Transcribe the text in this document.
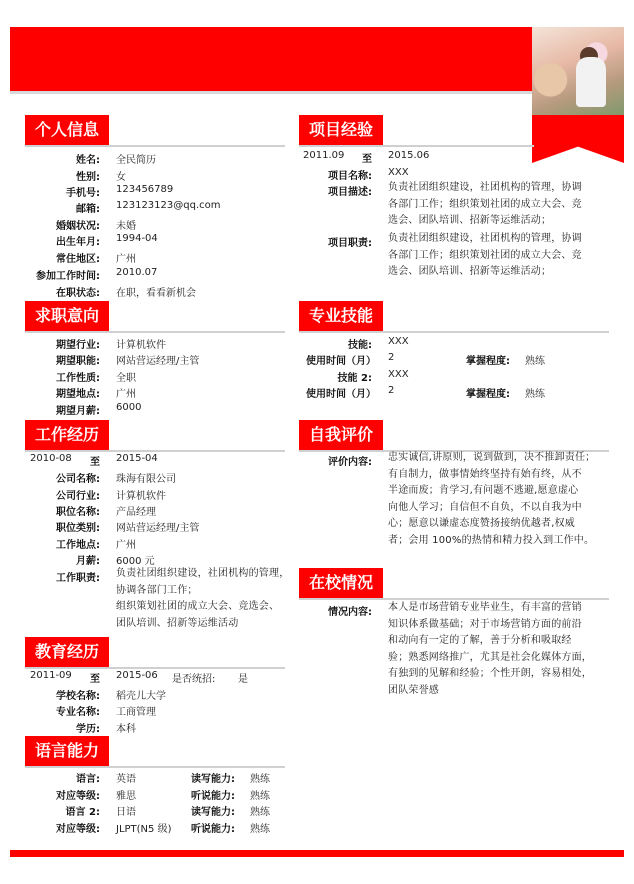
个人信息
姓名: 全民简历
性别: 女
手机号: 123456789
邮箱: 123123123@qq.com
婚姻状况: 未婚
出生年月: 1994-04
常住地区: 广州
参加工作时间: 2010.07
在职状态: 在职，看看新机会
求职意向
期望行业: 计算机软件
期望职能: 网站营运经理/主管
工作性质: 全职
期望地点: 广州
期望月薪: 6000
工作经历
2010-08	至 2015-04
公司名称: 珠海有限公司
公司行业: 计算机软件
职位名称: 产品经理
职位类别: 网站营运经理/主管
工作地点: 广州
月薪: 6000 元
工作职责: 负责社团组织建设，社团机构的管理，
协调各部门工作；
组织策划社团的成立大会、竞选会、
团队培训、招新等运维活动
教育经历
2011-09	至 2015-06 是否统招: 是
学校名称: 稻壳儿大学
专业名称: 工商管理
学历: 本科
语言能力
语言: 英语	读写能力: 熟练
对应等级: 雅思	听说能力: 熟练
语言 2: 日语	读写能力: 熟练
对应等级: JLPT(N5 级)	听说能力: 熟练
项目经验
2011.09	至 2015.06
项目名称: XXX
项目描述: 负责社团组织建设，社团机构的管理，协调
各部门工作；组织策划社团的成立大会、竞
选会、团队培训、招新等运维活动；
项目职责: 负责社团组织建设，社团机构的管理，协调
各部门工作；组织策划社团的成立大会、竞
选会、团队培训、招新等运维活动；
专业技能
技能: XXX
使用时间（月） 2	掌握程度: 熟练
技能 2: XXX
使用时间（月） 2	掌握程度: 熟练
自我评价
评价内容: 忠实诚信,讲原则，说到做到，决不推卸责任；
有自制力，做事情始终坚持有始有终，从不
半途而废；肯学习,有问题不逃避,愿意虚心
向他人学习；自信但不自负，不以自我为中
心；愿意以谦虚态度赞扬接纳优越者,权威
者；会用 100%的热情和精力投入到工作中。
在校情况
情况内容: 本人是市场营销专业毕业生，有丰富的营销
知识体系做基础；对于市场营销方面的前沿
和动向有一定的了解，善于分析和吸取经
验；熟悉网络推广，尤其是社会化媒体方面，
有独到的见解和经验；个性开朗，容易相处，
团队荣誉感
